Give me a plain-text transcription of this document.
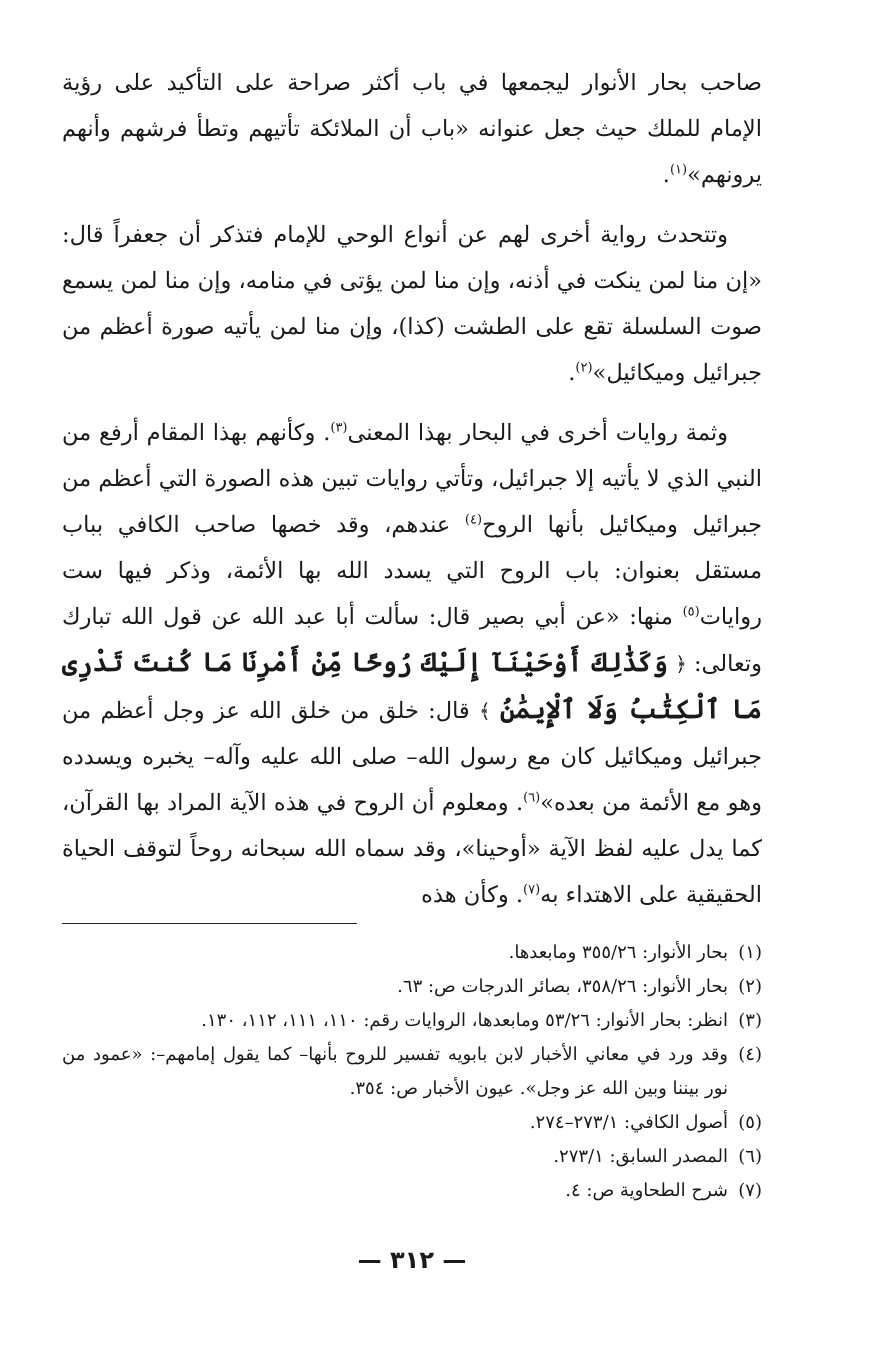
صاحب بحار الأنوار ليجمعها في باب أكثر صراحة على التأكيد على رؤية الإمام للملك حيث جعل عنوانه «باب أن الملائكة تأتيهم وتطأ فرشهم وأنهم يرونهم»$^{(١)}$.

وتتحدث رواية أخرى لهم عن أنواع الوحي للإمام فتذكر أن جعفراً قال: «إن منا لمن ينكت في أذنه، وإن منا لمن يؤتى في منامه، وإن منا لمن يسمع صوت السلسلة تقع على الطشت (كذا)، وإن منا لمن يأتيه صورة أعظم من جبرائيل وميكائيل»$^{(٢)}$.

وثمة روايات أخرى في البحار بهذا المعنى$^{(٣)}$. وكأنهم بهذا المقام أرفع من النبي الذي لا يأتيه إلا جبرائيل، وتأتي روايات تبين هذه الصورة التي أعظم من جبرائيل وميكائيل بأنها الروح$^{(٤)}$ عندهم، وقد خصها صاحب الكافي بباب مستقل بعنوان: باب الروح التي يسدد الله بها الأئمة، وذكر فيها ست روايات$^{(٥)}$ منها: «عن أبي بصير قال: سألت أبا عبد الله عن قول الله تبارك وتعالى: ﴿ وَكَذَٰلِكَ أَوْحَيْنَآ إِلَيْكَ رُوحًا مِّنْ أَمْرِنَا مَا كُنتَ تَدْرِى مَا ٱلْكِتَٰبُ وَلَا ٱلْإِيمَٰنُ ﴾ قال: خلق من خلق الله عز وجل أعظم من جبرائيل وميكائيل كان مع رسول الله– صلى الله عليه وآله– يخبره ويسدده وهو مع الأئمة من بعده»$^{(٦)}$. ومعلوم أن الروح في هذه الآية المراد بها القرآن، كما يدل عليه لفظ الآية «أوحينا»، وقد سماه الله سبحانه روحاً لتوقف الحياة الحقيقية على الاهتداء به$^{(٧)}$. وكأن هذه

(١)
بحار الأنوار: ٣٥٥/٢٦ ومابعدها.
(٢)
بحار الأنوار: ٣٥٨/٢٦، بصائر الدرجات ص: ٦٣.
(٣)
انظر: بحار الأنوار: ٥٣/٢٦ ومابعدها، الروايات رقم: ١١٠، ١١١، ١١٢، ١٣٠.
(٤)
وقد ورد في معاني الأخبار لابن بابويه تفسير للروح بأنها– كما يقول إمامهم–: «عمود من نور بيننا وبين الله عز وجل». عيون الأخبار ص: ٣٥٤.
(٥)
أصول الكافي: ٢٧٣/١–٢٧٤.
(٦)
المصدر السابق: ٢٧٣/١.
(٧)
شرح الطحاوية ص: ٤.
— ٣١٢ —
